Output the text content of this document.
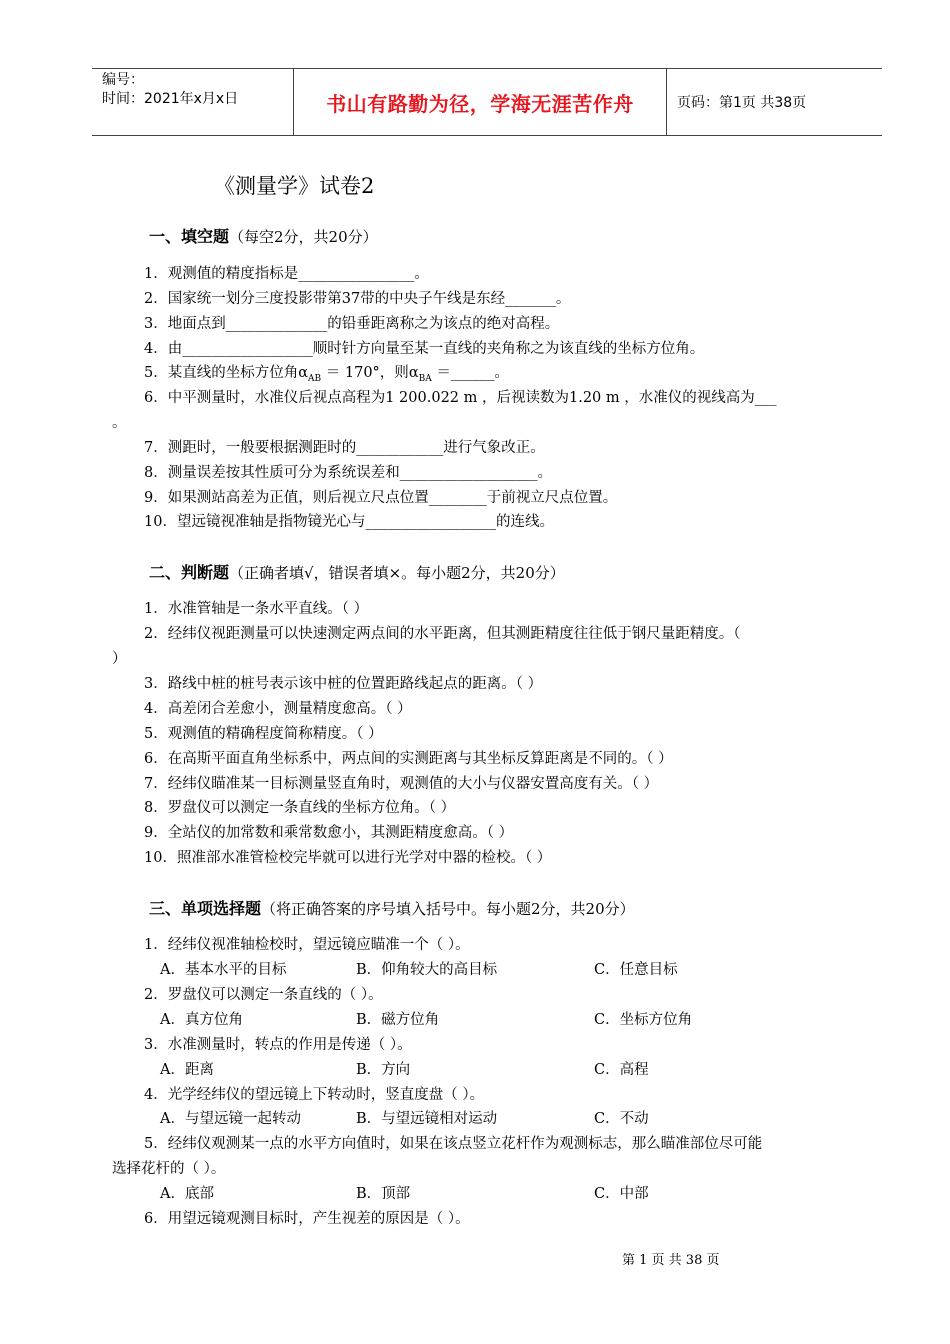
编号：
时间：2021年x月x日	书山有路勤为径，学海无涯苦作舟	页码：第1页 共38页
《测量学》试卷2
一、填空题（每空2分，共20分）
1．观测值的精度指标是________________。
2．国家统一划分三度投影带第37带的中央子午线是东经_______。
3．地面点到______________的铅垂距离称之为该点的绝对高程。
4．由__________________顺时针方向量至某一直线的夹角称之为该直线的坐标方位角。
5．某直线的坐标方位角$\alpha_{AB} = 170^\circ$，则$\alpha_{BA}$ ＝______。
6．中平测量时，水准仪后视点高程为1 200.022 m ，后视读数为1.20 m ，水准仪的视线高为___
。
7．测距时，一般要根据测距时的____________进行气象改正。
8．测量误差按其性质可分为系统误差和___________________。
9．如果测站高差为正值，则后视立尺点位置________于前视立尺点位置。
10．望远镜视准轴是指物镜光心与__________________的连线。
二、判断题（正确者填√，错误者填×。每小题2分，共20分）
1．水准管轴是一条水平直线。（ ）
2．经纬仪视距测量可以快速测定两点间的水平距离，但其测距精度往往低于钢尺量距精度。（
）
3．路线中桩的桩号表示该中桩的位置距路线起点的距离。（ ）
4．高差闭合差愈小，测量精度愈高。（ ）
5．观测值的精确程度简称精度。（ ）
6．在高斯平面直角坐标系中，两点间的实测距离与其坐标反算距离是不同的。（ ）
7．经纬仪瞄准某一目标测量竖直角时，观测值的大小与仪器安置高度有关。（ ）
8．罗盘仪可以测定一条直线的坐标方位角。（ ）
9．全站仪的加常数和乘常数愈小，其测距精度愈高。（ ）
10．照准部水准管检校完毕就可以进行光学对中器的检校。（ ）
三、单项选择题（将正确答案的序号填入括号中。每小题2分，共20分）
1．经纬仪视准轴检校时，望远镜应瞄准一个（ ）。
A．基本水平的目标	B．仰角较大的高目标	C．任意目标
2．罗盘仪可以测定一条直线的（ ）。
A．真方位角	B．磁方位角	C．坐标方位角
3．水准测量时，转点的作用是传递（ ）。
A．距离	B．方向	C．高程
4．光学经纬仪的望远镜上下转动时，竖直度盘（ ）。
A．与望远镜一起转动	B．与望远镜相对运动	C．不动
5．经纬仪观测某一点的水平方向值时，如果在该点竖立花杆作为观测标志，那么瞄准部位尽可能
选择花杆的（ ）。
A．底部	B．顶部	C．中部
6．用望远镜观测目标时，产生视差的原因是（ ）。
第 1 页 共 38 页
